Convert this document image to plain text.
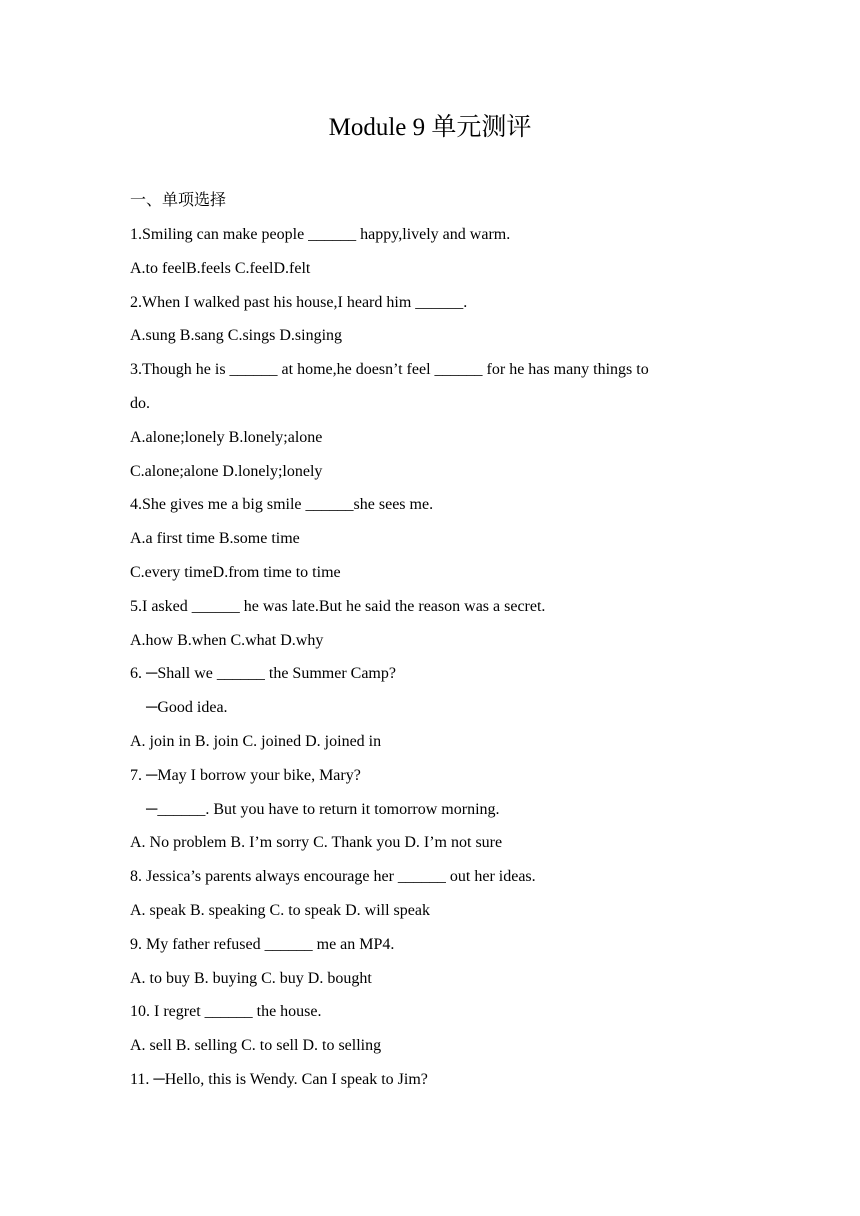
Module 9 单元测评
一、单项选择
1.Smiling can make people ______ happy,lively and warm.
A.to feelB.feels C.feelD.felt
2.When I walked past his house,I heard him ______.
A.sung B.sang C.sings D.singing
3.Though he is ______ at home,he doesn’t feel ______ for he has many things to
do.
A.alone;lonely B.lonely;alone
C.alone;alone D.lonely;lonely
4.She gives me a big smile ______she sees me.
A.a first time B.some time
C.every timeD.from time to time
5.I asked ______ he was late.But he said the reason was a secret.
A.how B.when C.what D.why
6. ─Shall we ______ the Summer Camp?
─Good idea.
A. join in B. join C. joined D. joined in
7. ─May I borrow your bike, Mary?
─______. But you have to return it tomorrow morning.
A. No problem B. I’m sorry C. Thank you D. I’m not sure
8. Jessica’s parents always encourage her ______ out her ideas.
A. speak B. speaking C. to speak D. will speak
9. My father refused ______ me an MP4.
A. to buy B. buying C. buy D. bought
10. I regret ______ the house.
A. sell B. selling C. to sell D. to selling
11. ─Hello, this is Wendy. Can I speak to Jim?
